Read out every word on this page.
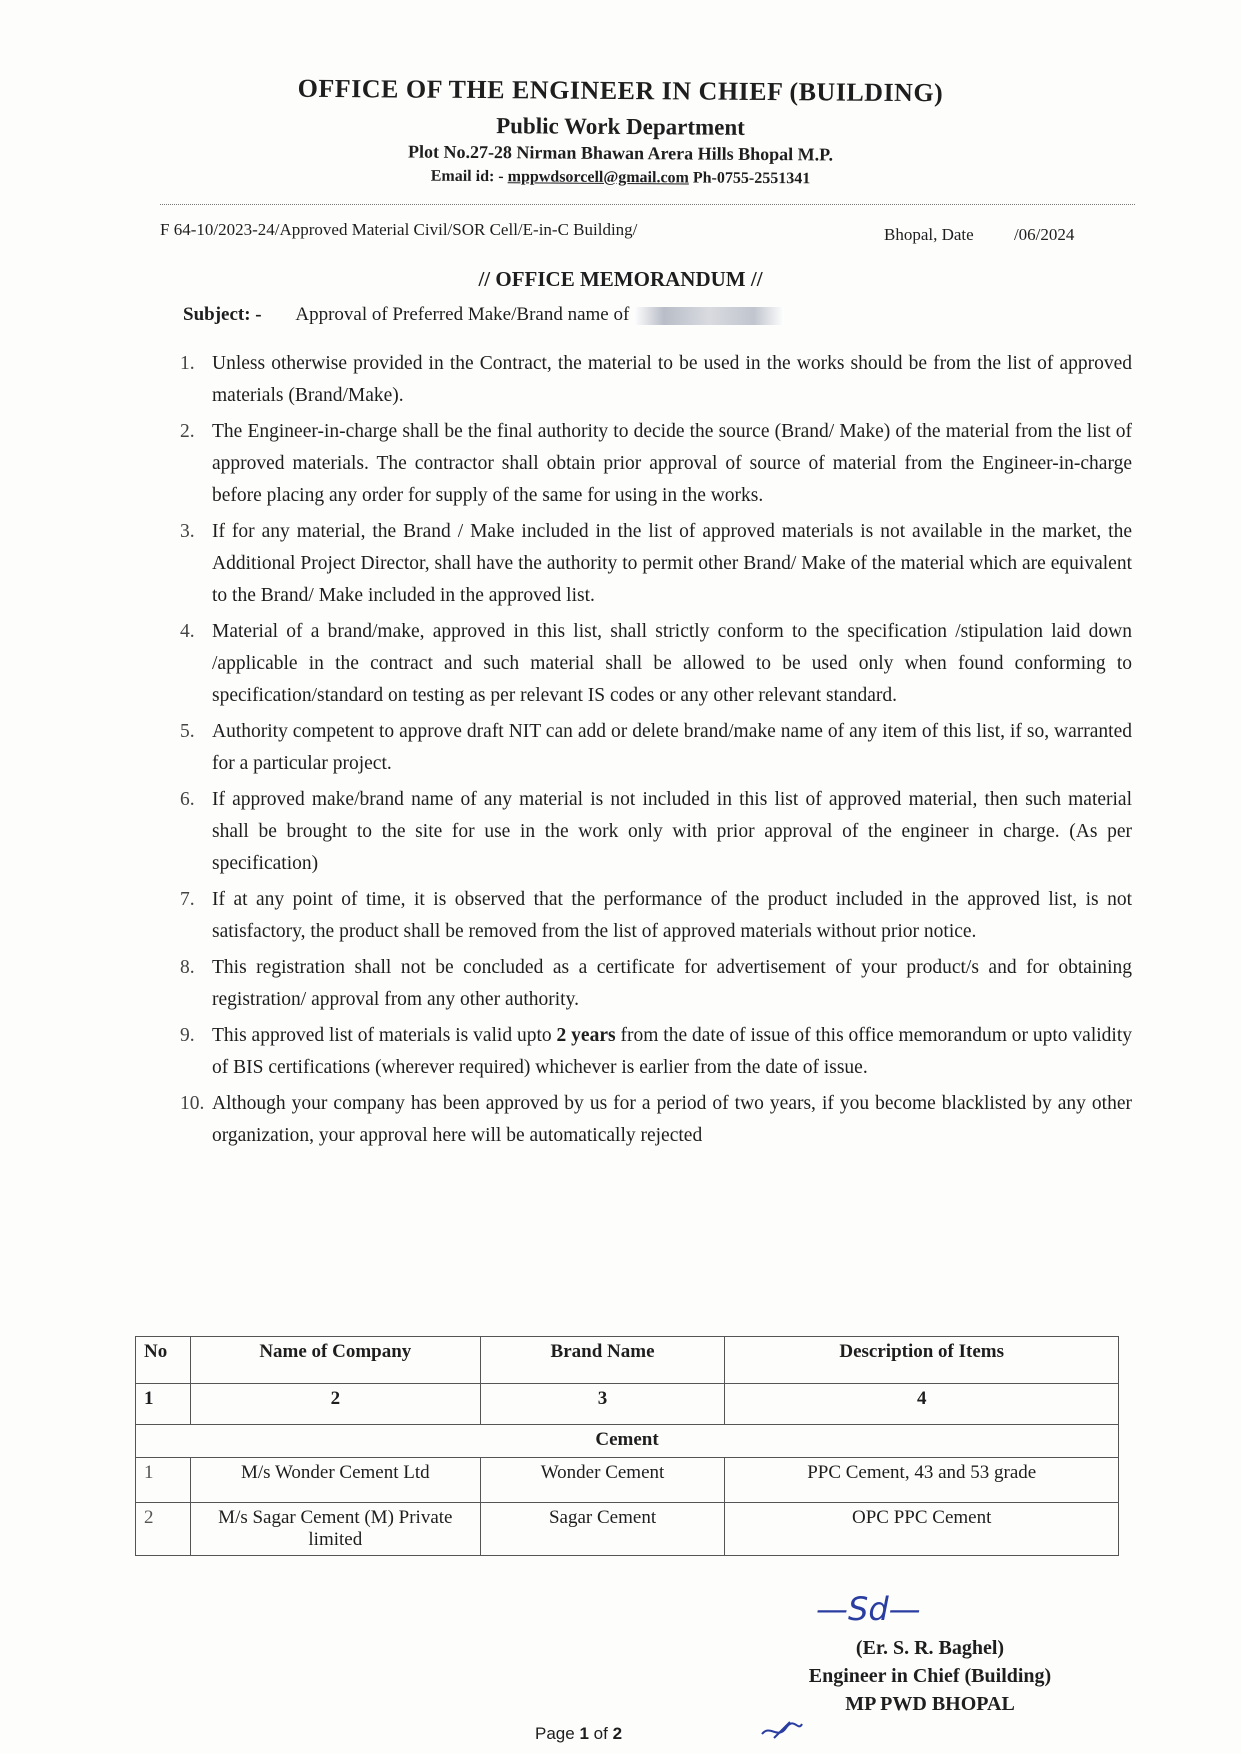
OFFICE OF THE ENGINEER IN CHIEF (BUILDING)
Public Work Department
Plot No.27-28 Nirman Bhawan Arera Hills Bhopal M.P.
Email id: - mppwdsorcell@gmail.com Ph-0755-2551341
F 64-10/2023-24/Approved Material Civil/SOR Cell/E-in-C Building/	Bhopal, Date /06/2024
// OFFICE MEMORANDUM //
Subject: - Approval of Preferred Make/Brand name of
1. Unless otherwise provided in the Contract, the material to be used in the works should be from the list of approved materials (Brand/Make).
2. The Engineer-in-charge shall be the final authority to decide the source (Brand/ Make) of the material from the list of approved materials. The contractor shall obtain prior approval of source of material from the Engineer-in-charge before placing any order for supply of the same for using in the works.
3. If for any material, the Brand / Make included in the list of approved materials is not available in the market, the Additional Project Director, shall have the authority to permit other Brand/ Make of the material which are equivalent to the Brand/ Make included in the approved list.
4. Material of a brand/make, approved in this list, shall strictly conform to the specification /stipulation laid down /applicable in the contract and such material shall be allowed to be used only when found conforming to specification/standard on testing as per relevant IS codes or any other relevant standard.
5. Authority competent to approve draft NIT can add or delete brand/make name of any item of this list, if so, warranted for a particular project.
6. If approved make/brand name of any material is not included in this list of approved material, then such material shall be brought to the site for use in the work only with prior approval of the engineer in charge. (As per specification)
7. If at any point of time, it is observed that the performance of the product included in the approved list, is not satisfactory, the product shall be removed from the list of approved materials without prior notice.
8. This registration shall not be concluded as a certificate for advertisement of your product/s and for obtaining registration/ approval from any other authority.
9. This approved list of materials is valid upto 2 years from the date of issue of this office memorandum or upto validity of BIS certifications (wherever required) whichever is earlier from the date of issue.
10. Although your company has been approved by us for a period of two years, if you become blacklisted by any other organization, your approval here will be automatically rejected
No	Name of Company	Brand Name	Description of Items
1	2	3	4
Cement			
1	M/s Wonder Cement Ltd	Wonder Cement	PPC Cement, 43 and 53 grade
2	M/s Sagar Cement (M) Private limited	Sagar Cement	OPC PPC Cement
—Sd—
(Er. S. R. Baghel)
Engineer in Chief (Building)
MP PWD BHOPAL
Page 1 of 2
